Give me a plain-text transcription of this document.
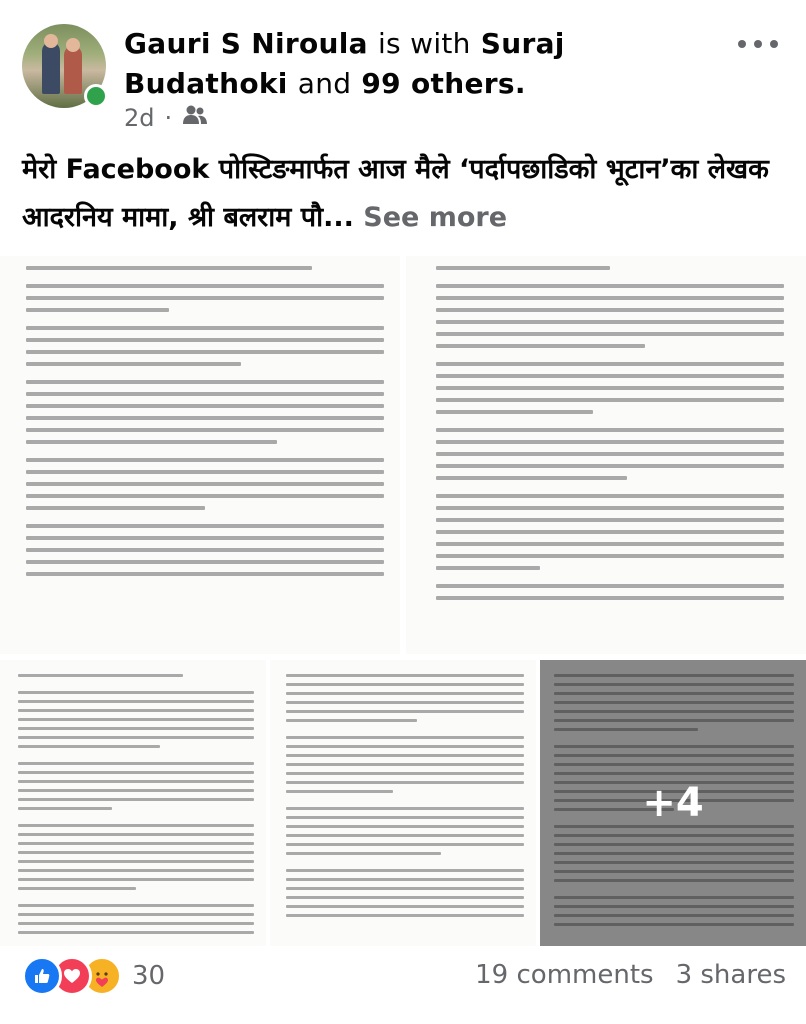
Gauri S Niroula is with Suraj Budathoki and 99 others.
2d ·
मेरो Facebook पोस्टिङमार्फत आज मैले ‘पर्दापछाडिको भूटान’का लेखक आदरनिय मामा, श्री बलराम पौ... See more
+4
30	19 comments 3 shares
